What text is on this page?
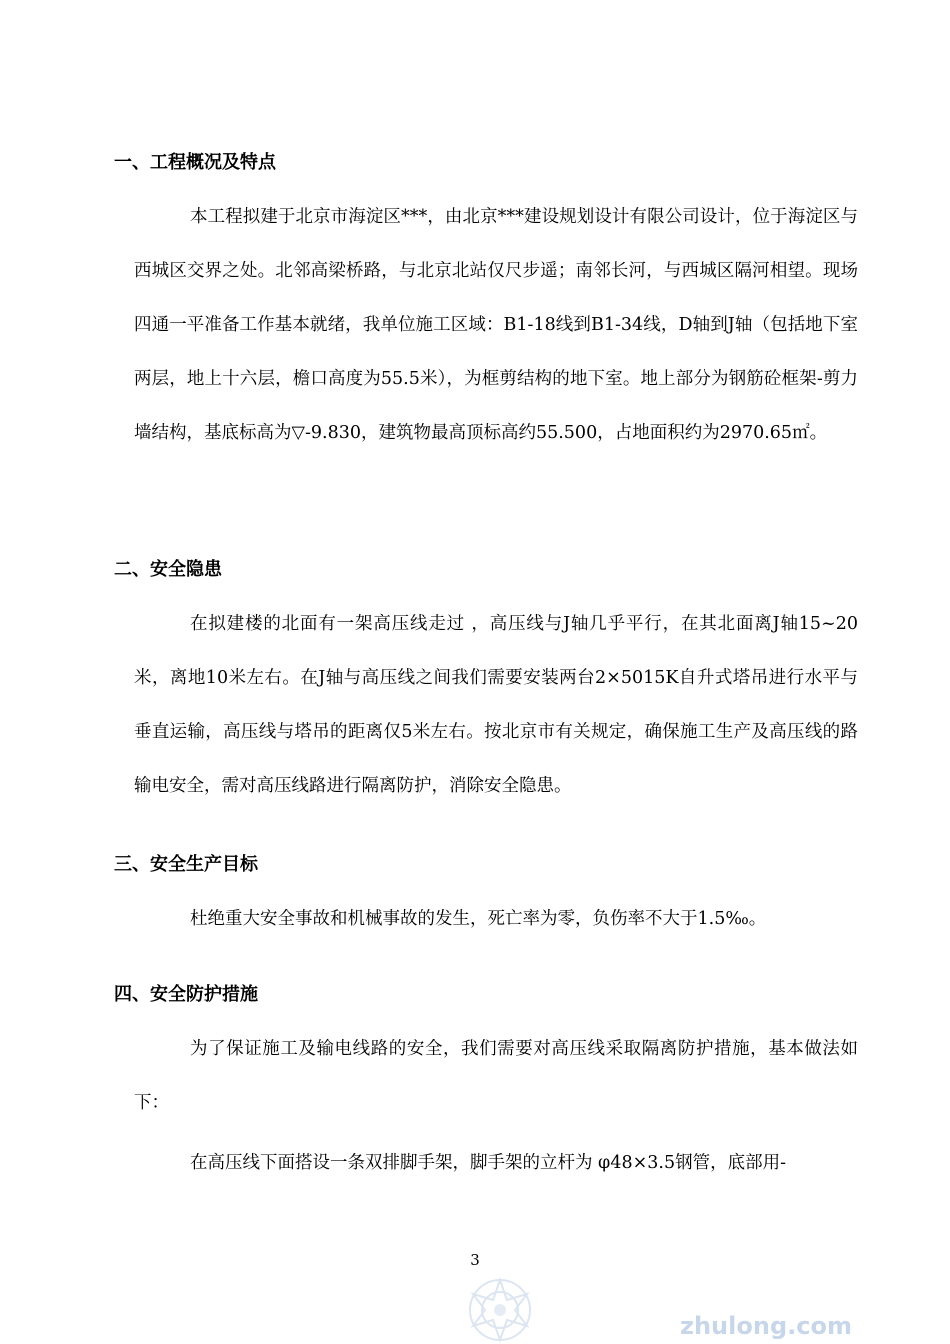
一、工程概况及特点

本工程拟建于北京市海淀区***，由北京***建设规划设计有限公司设计，位于海淀区与西城区交界之处。北邻高梁桥路，与北京北站仅尺步遥；南邻长河，与西城区隔河相望。现场四通一平准备工作基本就绪，我单位施工区域：B1-18线到B1-34线，D轴到J轴（包括地下室两层，地上十六层，檐口高度为55.5米），为框剪结构的地下室。地上部分为钢筋砼框架-剪力墙结构，基底标高为▽-9.830，建筑物最高顶标高约55.500，占地面积约为2970.65㎡。

二、安全隐患

在拟建楼的北面有一架高压线走过 ，高压线与J轴几乎平行，在其北面离J轴15~20米，离地10米左右。在J轴与高压线之间我们需要安装两台2×5015K自升式塔吊进行水平与垂直运输，高压线与塔吊的距离仅5米左右。按北京市有关规定，确保施工生产及高压线的路输电安全，需对高压线路进行隔离防护，消除安全隐患。

三、安全生产目标

杜绝重大安全事故和机械事故的发生，死亡率为零，负伤率不大于1.5‰。

四、安全防护措施

为了保证施工及输电线路的安全，我们需要对高压线采取隔离防护措施，基本做法如下：

在高压线下面搭设一条双排脚手架，脚手架的立杆为 φ48×3.5钢管，底部用-

3
zhulong.com
